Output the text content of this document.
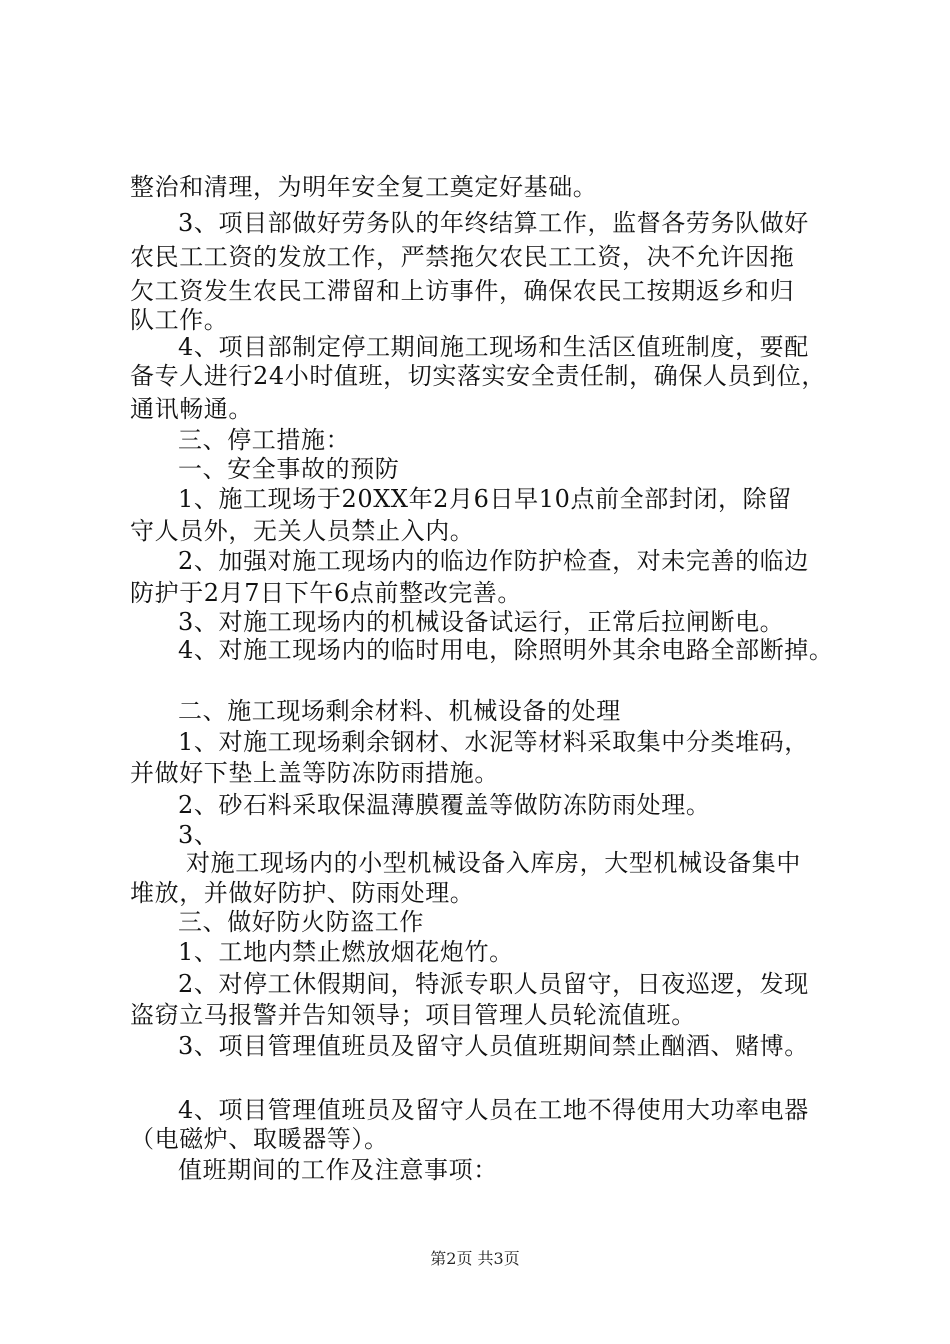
整治和清理，为明年安全复工奠定好基础。
3、项目部做好劳务队的年终结算工作，监督各劳务队做好
农民工工资的发放工作，严禁拖欠农民工工资，决不允许因拖
欠工资发生农民工滞留和上访事件，确保农民工按期返乡和归
队工作。
4、项目部制定停工期间施工现场和生活区值班制度，要配
备专人进行24小时值班，切实落实安全责任制，确保人员到位，
通讯畅通。
三、停工措施：
一、安全事故的预防
1、施工现场于20XX年2月6日早10点前全部封闭，除留
守人员外，无关人员禁止入内。
2、加强对施工现场内的临边作防护检查，对未完善的临边
防护于2月7日下午6点前整改完善。
3、对施工现场内的机械设备试运行，正常后拉闸断电。
4、对施工现场内的临时用电，除照明外其余电路全部断掉。
二、施工现场剩余材料、机械设备的处理
1、对施工现场剩余钢材、水泥等材料采取集中分类堆码，
并做好下垫上盖等防冻防雨措施。
2、砂石料采取保温薄膜覆盖等做防冻防雨处理。
3、
对施工现场内的小型机械设备入库房，大型机械设备集中
堆放，并做好防护、防雨处理。
三、做好防火防盗工作
1、工地内禁止燃放烟花炮竹。
2、对停工休假期间，特派专职人员留守，日夜巡逻，发现
盗窃立马报警并告知领导；项目管理人员轮流值班。
3、项目管理值班员及留守人员值班期间禁止酗酒、赌博。
4、项目管理值班员及留守人员在工地不得使用大功率电器
（电磁炉、取暖器等）。
值班期间的工作及注意事项：
第2页 共3页
